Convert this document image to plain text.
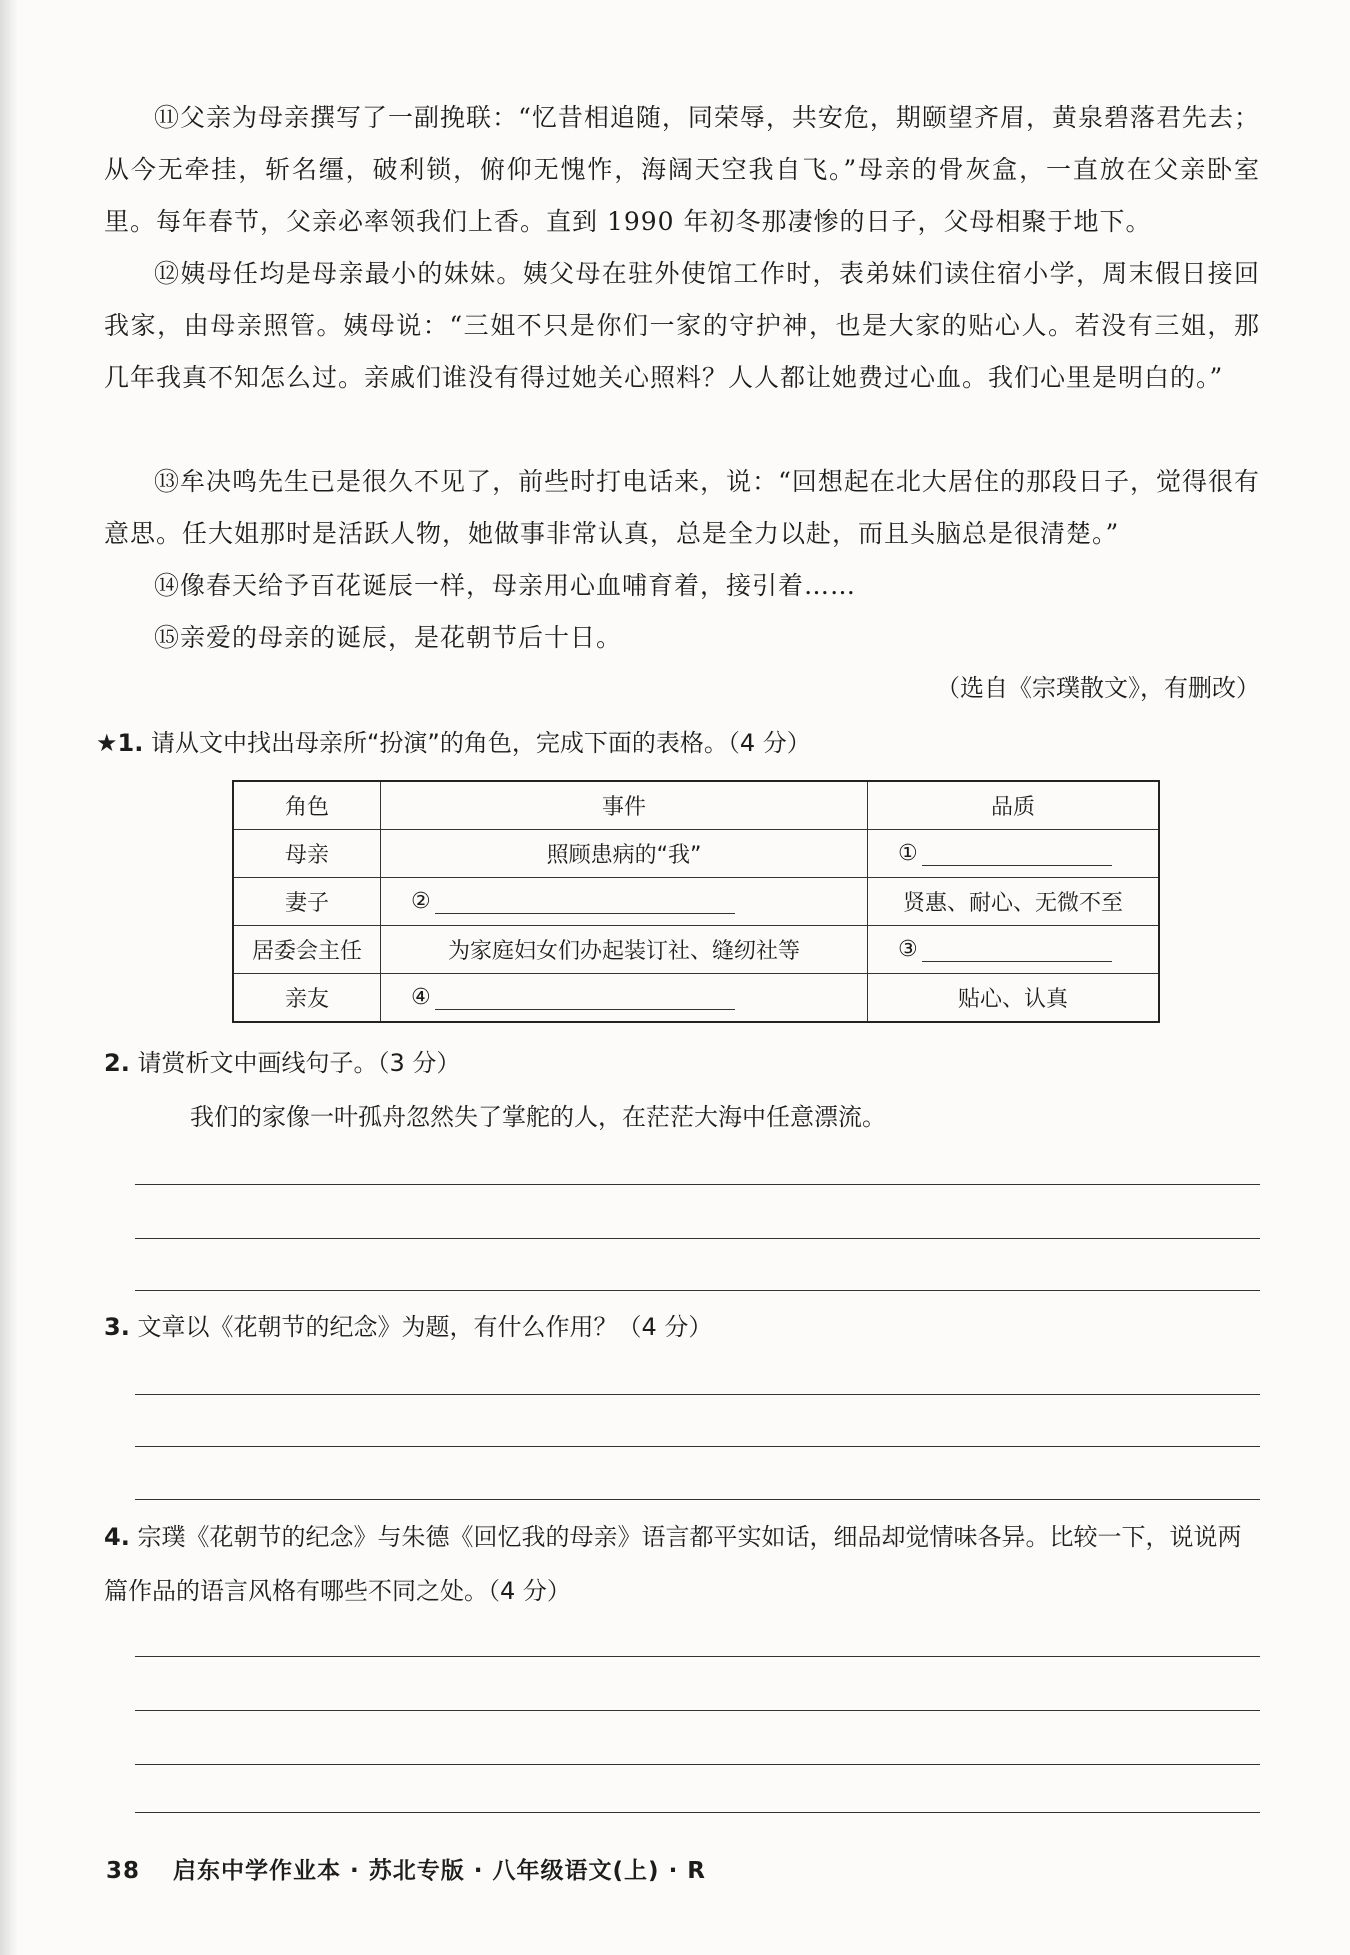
⑪父亲为母亲撰写了一副挽联：“忆昔相追随，同荣辱，共安危，期颐望齐眉，黄泉碧落君先去；从今无牵挂，斩名缰，破利锁，俯仰无愧怍，海阔天空我自飞。”母亲的骨灰盒，一直放在父亲卧室里。每年春节，父亲必率领我们上香。直到 1990 年初冬那凄惨的日子，父母相聚于地下。

⑫姨母任均是母亲最小的妹妹。姨父母在驻外使馆工作时，表弟妹们读住宿小学，周末假日接回我家，由母亲照管。姨母说：“三姐不只是你们一家的守护神，也是大家的贴心人。若没有三姐，那几年我真不知怎么过。亲戚们谁没有得过她关心照料？人人都让她费过心血。我们心里是明白的。”

⑬牟决鸣先生已是很久不见了，前些时打电话来，说：“回想起在北大居住的那段日子，觉得很有意思。任大姐那时是活跃人物，她做事非常认真，总是全力以赴，而且头脑总是很清楚。”

⑭像春天给予百花诞辰一样，母亲用心血哺育着，接引着……

⑮亲爱的母亲的诞辰，是花朝节后十日。

（选自《宗璞散文》，有删改）

★1. 请从文中找出母亲所“扮演”的角色，完成下面的表格。（4 分）

角色	事件	品质
母亲	照顾患病的“我”	①
妻子	②	贤惠、耐心、无微不至
居委会主任	为家庭妇女们办起装订社、缝纫社等	③
亲友	④	贴心、认真

2. 请赏析文中画线句子。（3 分）

我们的家像一叶孤舟忽然失了掌舵的人，在茫茫大海中任意漂流。

3. 文章以《花朝节的纪念》为题，有什么作用？（4 分）

4. 宗璞《花朝节的纪念》与朱德《回忆我的母亲》语言都平实如话，细品却觉情味各异。比较一下，说说两篇作品的语言风格有哪些不同之处。（4 分）

38 启东中学作业本 · 苏北专版 · 八年级语文(上) · R
